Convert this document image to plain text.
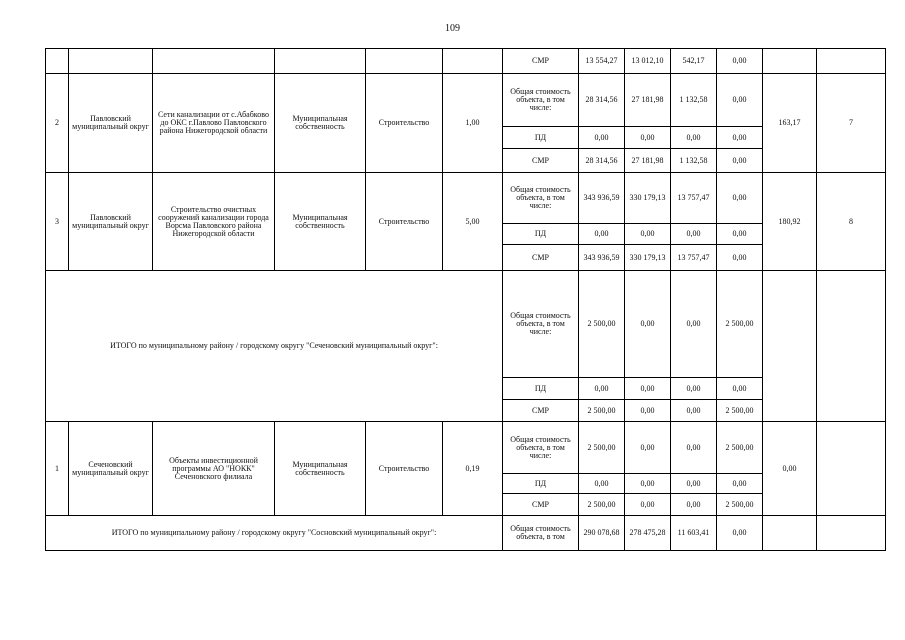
109
						СМР	13 554,27	13 012,10	542,17	0,00		
2	Павловский муниципальный округ	Сети канализации от с.Абабково до ОКС г.Павлово Павловского района Нижегородской области	Муниципальная собственность	Строительство	1,00	Общая стоимость объекта, в том числе:	28 314,56	27 181,98	1 132,58	0,00	163,17	7
						ПД	0,00	0,00	0,00	0,00		
						СМР	28 314,56	27 181,98	1 132,58	0,00		
3	Павловский муниципальный округ	Строительство очистных сооружений канализации города Ворсма Павловского района Нижегородской области	Муниципальная собственность	Строительство	5,00	Общая стоимость объекта, в том числе:	343 936,59	330 179,13	13 757,47	0,00	180,92	8
						ПД	0,00	0,00	0,00	0,00		
						СМР	343 936,59	330 179,13	13 757,47	0,00		
ИТОГО по муниципальному району / городскому округу "Сеченовский муниципальный округ":						Общая стоимость объекта, в том числе:	2 500,00	0,00	0,00	2 500,00		
						ПД	0,00	0,00	0,00	0,00		
						СМР	2 500,00	0,00	0,00	2 500,00		
1	Сеченовский муниципальный округ	Объекты инвестиционной программы АО "НОКК" Сеченовского филиала	Муниципальная собственность	Строительство	0,19	Общая стоимость объекта, в том числе:	2 500,00	0,00	0,00	2 500,00	0,00	
						ПД	0,00	0,00	0,00	0,00		
						СМР	2 500,00	0,00	0,00	2 500,00		
ИТОГО по муниципальному району / городскому округу "Сосновский муниципальный округ":						Общая стоимость объекта, в том	290 078,68	278 475,28	11 603,41	0,00		
